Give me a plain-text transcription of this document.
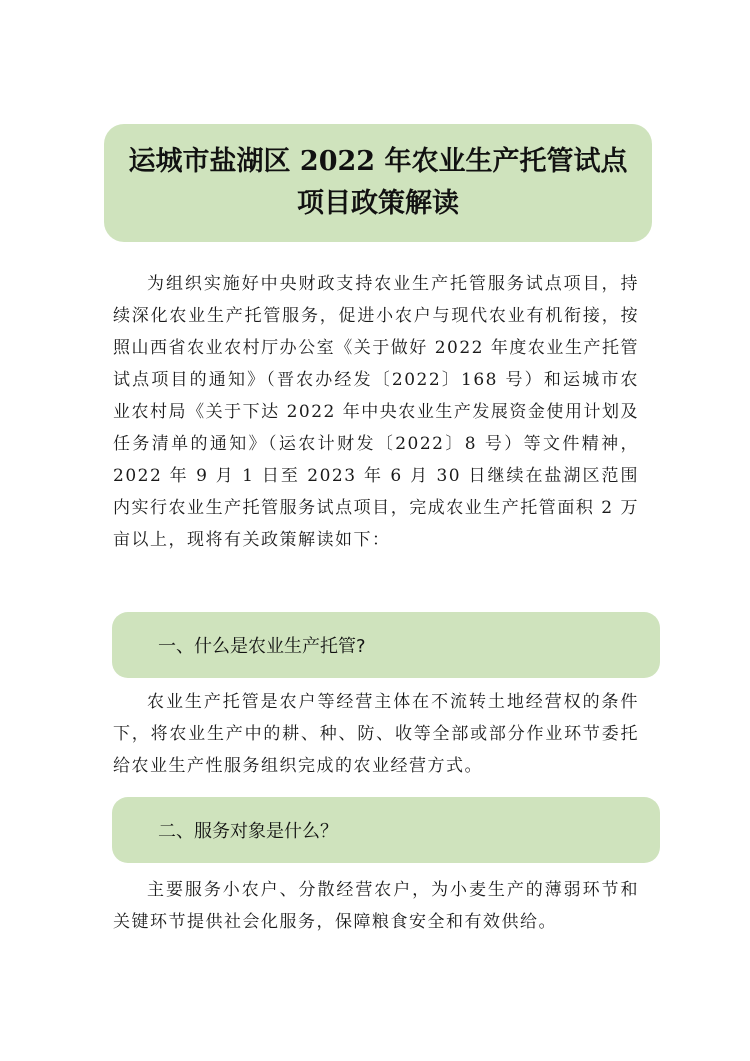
运城市盐湖区 2022 年农业生产托管试点项目政策解读

为组织实施好中央财政支持农业生产托管服务试点项目，持续深化农业生产托管服务，促进小农户与现代农业有机衔接，按照山西省农业农村厅办公室《关于做好 2022 年度农业生产托管试点项目的通知》（晋农办经发〔2022〕168 号）和运城市农业农村局《关于下达 2022 年中央农业生产发展资金使用计划及任务清单的通知》（运农计财发〔2022〕8 号）等文件精神，2022 年 9 月 1 日至 2023 年 6 月 30 日继续在盐湖区范围内实行农业生产托管服务试点项目，完成农业生产托管面积 2 万亩以上，现将有关政策解读如下：

一、什么是农业生产托管?

农业生产托管是农户等经营主体在不流转土地经营权的条件下，将农业生产中的耕、种、防、收等全部或部分作业环节委托给农业生产性服务组织完成的农业经营方式。

二、服务对象是什么？

主要服务小农户、分散经营农户，为小麦生产的薄弱环节和关键环节提供社会化服务，保障粮食安全和有效供给。
